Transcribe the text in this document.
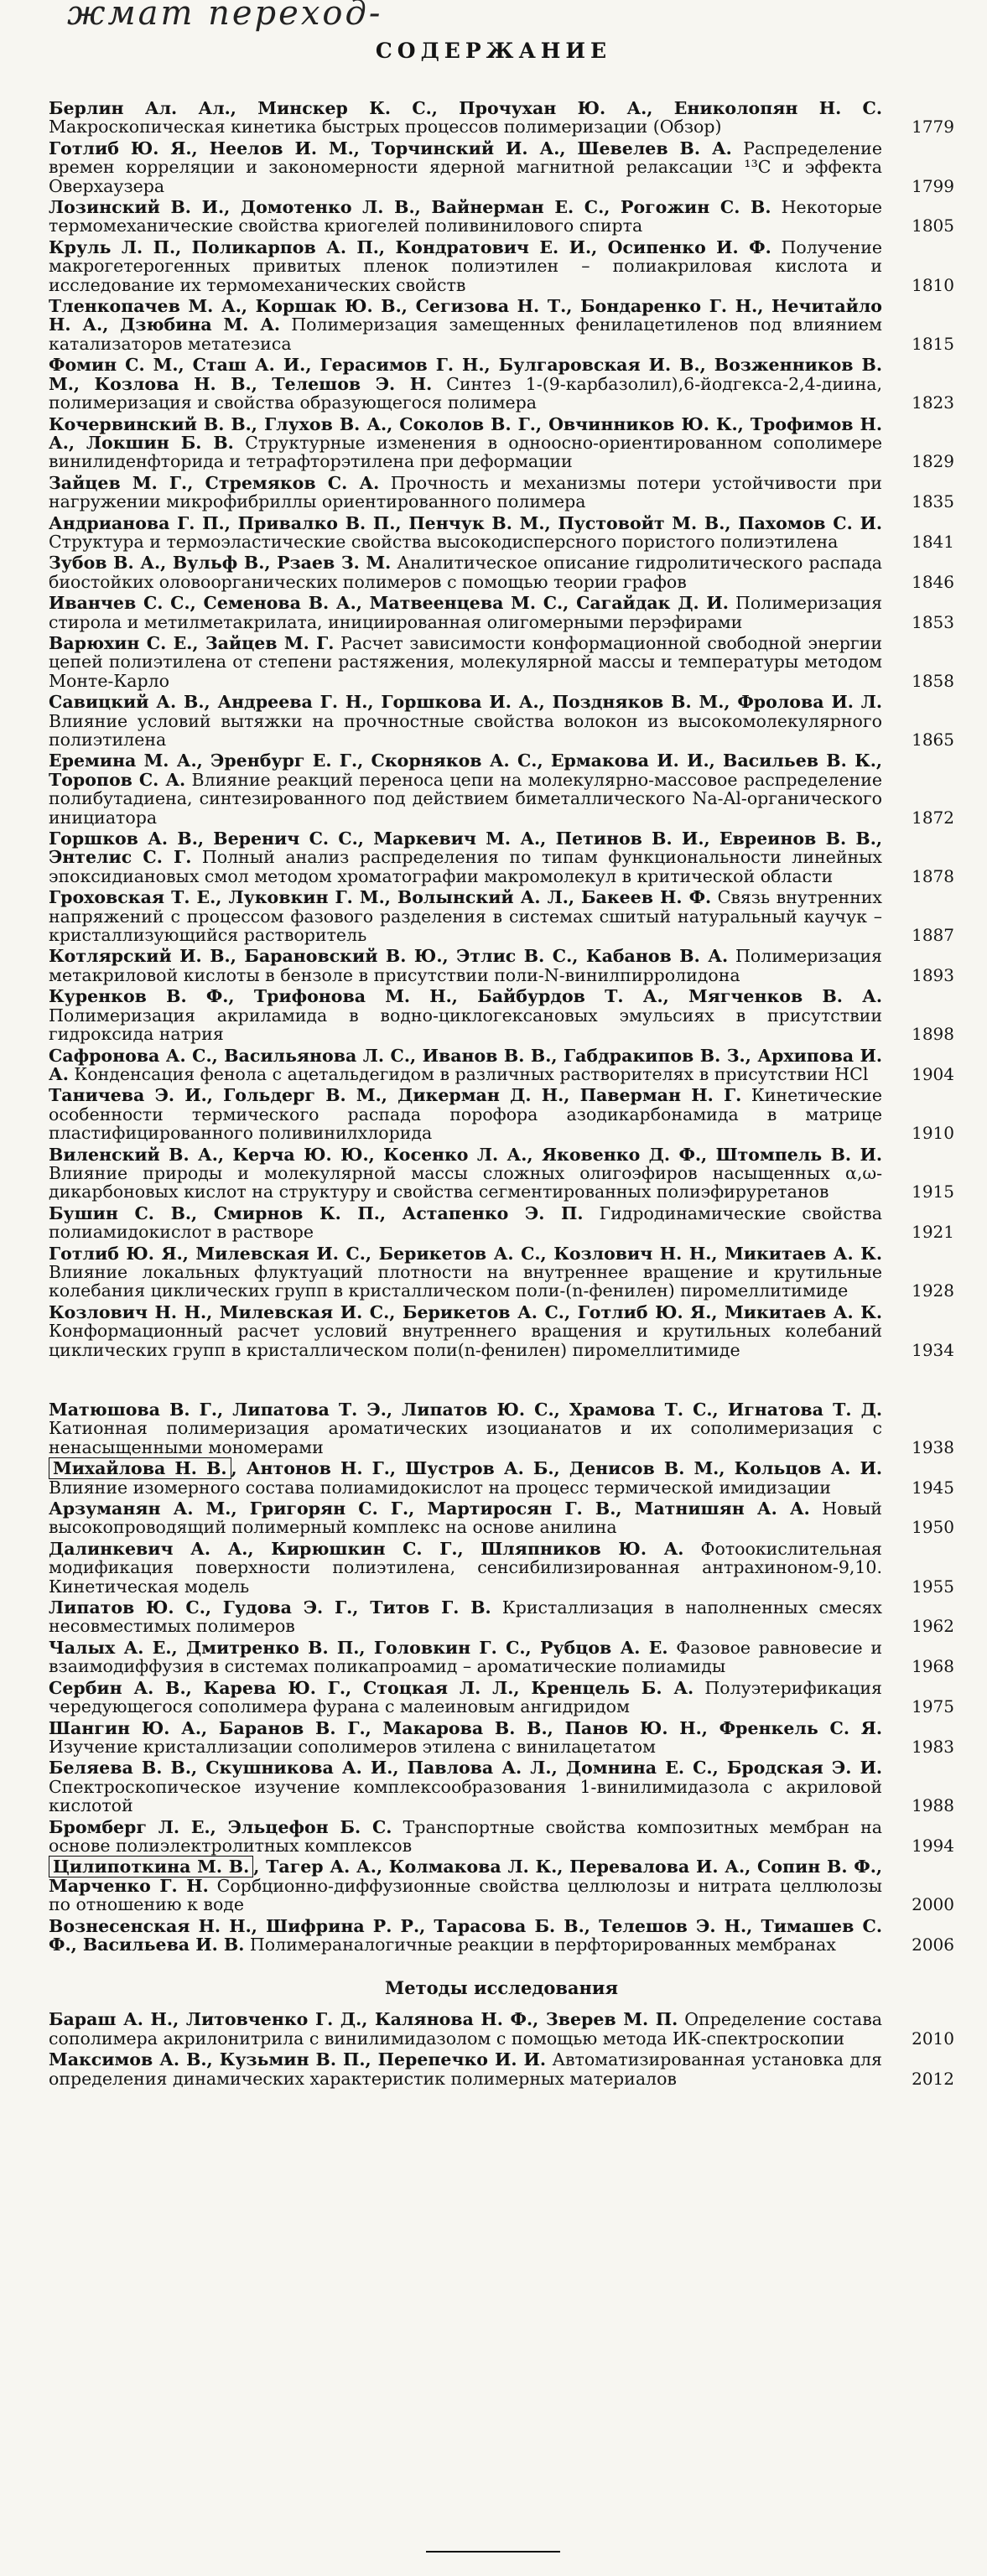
жмат переход-
СОДЕРЖАНИЕ
Берлин Ал. Ал., Минскер К. С., Прочухан Ю. А., Ениколопян Н. С. Макроскопическая кинетика быстрых процессов полимеризации (Обзор)	1779
Готлиб Ю. Я., Неелов И. М., Торчинский И. А., Шевелев В. А. Распределение времен корреляции и закономерности ядерной магнитной релаксации ¹³C и эффекта Оверхаузера	1799
Лозинский В. И., Домотенко Л. В., Вайнерман Е. С., Рогожин С. В. Некоторые термомеханические свойства криогелей поливинилового спирта	1805
Круль Л. П., Поликарпов А. П., Кондратович Е. И., Осипенко И. Ф. Получение макрогетерогенных привитых пленок полиэтилен – полиакриловая кислота и исследование их термомеханических свойств	1810
Тленкопачев М. А., Коршак Ю. В., Сегизова Н. Т., Бондаренко Г. Н., Нечитайло Н. А., Дзюбина М. А. Полимеризация замещенных фенилацетиленов под влиянием катализаторов метатезиса	1815
Фомин С. М., Сташ А. И., Герасимов Г. Н., Булгаровская И. В., Возженников В. М., Козлова Н. В., Телешов Э. Н. Синтез 1-(9-карбазолил),6-йодгекса-2,4-диина, полимеризация и свойства образующегося полимера	1823
Кочервинский В. В., Глухов В. А., Соколов В. Г., Овчинников Ю. К., Трофимов Н. А., Локшин Б. В. Структурные изменения в одноосно-ориентированном сополимере винилиденфторида и тетрафторэтилена при деформации	1829
Зайцев М. Г., Стремяков С. А. Прочность и механизмы потери устойчивости при нагружении микрофибриллы ориентированного полимера	1835
Андрианова Г. П., Привалко В. П., Пенчук В. М., Пустовойт М. В., Пахомов С. И. Структура и термоэластические свойства высокодисперсного пористого полиэтилена	1841
Зубов В. А., Вульф В., Рзаев З. М. Аналитическое описание гидролитического распада биостойких оловоорганических полимеров с помощью теории графов	1846
Иванчев С. С., Семенова В. А., Матвеенцева М. С., Сагайдак Д. И. Полимеризация стирола и метилметакрилата, инициированная олигомерными перэфирами	1853
Варюхин С. Е., Зайцев М. Г. Расчет зависимости конформационной свободной энергии цепей полиэтилена от степени растяжения, молекулярной массы и температуры методом Монте-Карло	1858
Савицкий А. В., Андреева Г. Н., Горшкова И. А., Поздняков В. М., Фролова И. Л. Влияние условий вытяжки на прочностные свойства волокон из высокомолекулярного полиэтилена	1865
Еремина М. А., Эренбург Е. Г., Скорняков А. С., Ермакова И. И., Васильев В. К., Торопов С. А. Влияние реакций переноса цепи на молекулярно-массовое распределение полибутадиена, синтезированного под действием биметаллического Na-Al-органического инициатора	1872
Горшков А. В., Веренич С. С., Маркевич М. А., Петинов В. И., Евреинов В. В., Энтелис С. Г. Полный анализ распределения по типам функциональности линейных эпоксидиановых смол методом хроматографии макромолекул в критической области	1878
Гроховская Т. Е., Луковкин Г. М., Волынский А. Л., Бакеев Н. Ф. Связь внутренних напряжений с процессом фазового разделения в системах сшитый натуральный каучук – кристаллизующийся растворитель	1887
Котлярский И. В., Барановский В. Ю., Этлис В. С., Кабанов В. А. Полимеризация метакриловой кислоты в бензоле в присутствии поли-N-винилпирролидона	1893
Куренков В. Ф., Трифонова М. Н., Байбурдов Т. А., Мягченков В. А. Полимеризация акриламида в водно-циклогексановых эмульсиях в присутствии гидроксида натрия	1898
Сафронова А. С., Васильянова Л. С., Иванов В. В., Габдракипов В. З., Архипова И. А. Конденсация фенола с ацетальдегидом в различных растворителях в присутствии HCl	1904
Таничева Э. И., Гольдерг В. М., Дикерман Д. Н., Паверман Н. Г. Кинетические особенности термического распада порофора азодикарбонамида в матрице пластифицированного поливинилхлорида	1910
Виленский В. А., Керча Ю. Ю., Косенко Л. А., Яковенко Д. Ф., Штомпель В. И. Влияние природы и молекулярной массы сложных олигоэфиров насыщенных α,ω-дикарбоновых кислот на структуру и свойства сегментированных полиэфируретанов	1915
Бушин С. В., Смирнов К. П., Астапенко Э. П. Гидродинамические свойства полиамидокислот в растворе	1921
Готлиб Ю. Я., Милевская И. С., Берикетов А. С., Козлович Н. Н., Микитаев А. К. Влияние локальных флуктуаций плотности на внутреннее вращение и крутильные колебания циклических групп в кристаллическом поли-(n-фенилен) пиромеллитимиде	1928
Козлович Н. Н., Милевская И. С., Берикетов А. С., Готлиб Ю. Я., Микитаев А. К. Конформационный расчет условий внутреннего вращения и крутильных колебаний циклических групп в кристаллическом поли(n-фенилен) пиромеллитимиде	1934
Матюшова В. Г., Липатова Т. Э., Липатов Ю. С., Храмова Т. С., Игнатова Т. Д. Катионная полимеризация ароматических изоцианатов и их сополимеризация с ненасыщенными мономерами	1938
Михайлова Н. В. , Антонов Н. Г., Шустров А. Б., Денисов В. М., Кольцов А. И. Влияние изомерного состава полиамидокислот на процесс термической имидизации	1945
Арзуманян А. М., Григорян С. Г., Мартиросян Г. В., Матнишян А. А. Новый высокопроводящий полимерный комплекс на основе анилина	1950
Далинкевич А. А., Кирюшкин С. Г., Шляпников Ю. А. Фотоокислительная модификация поверхности полиэтилена, сенсибилизированная антрахиноном-9,10. Кинетическая модель	1955
Липатов Ю. С., Гудова Э. Г., Титов Г. В. Кристаллизация в наполненных смесях несовместимых полимеров	1962
Чалых А. Е., Дмитренко В. П., Головкин Г. С., Рубцов А. Е. Фазовое равновесие и взаимодиффузия в системах поликапроамид – ароматические полиамиды	1968
Сербин А. В., Карева Ю. Г., Стоцкая Л. Л., Кренцель Б. А. Полуэтерификация чередующегося сополимера фурана с малеиновым ангидридом	1975
Шангин Ю. А., Баранов В. Г., Макарова В. В., Панов Ю. Н., Френкель С. Я. Изучение кристаллизации сополимеров этилена с винилацетатом	1983
Беляева В. В., Скушникова А. И., Павлова А. Л., Домнина Е. С., Бродская Э. И. Спектроскопическое изучение комплексообразования 1-винилимидазола с акриловой кислотой	1988
Бромберг Л. Е., Эльцефон Б. С. Транспортные свойства композитных мембран на основе полиэлектролитных комплексов	1994
Цилипоткина М. В. , Тагер А. А., Колмакова Л. К., Перевалова И. А., Сопин В. Ф., Марченко Г. Н. Сорбционно-диффузионные свойства целлюлозы и нитрата целлюлозы по отношению к воде	2000
Вознесенская Н. Н., Шифрина Р. Р., Тарасова Б. В., Телешов Э. Н., Тимашев С. Ф., Васильева И. В. Полимераналогичные реакции в перфторированных мембранах	2006
Методы исследования
Бараш А. Н., Литовченко Г. Д., Калянова Н. Ф., Зверев М. П. Определение состава сополимера акрилонитрила с винилимидазолом с помощью метода ИК-спектроскопии	2010
Максимов А. В., Кузьмин В. П., Перепечко И. И. Автоматизированная установка для определения динамических характеристик полимерных материалов	2012
